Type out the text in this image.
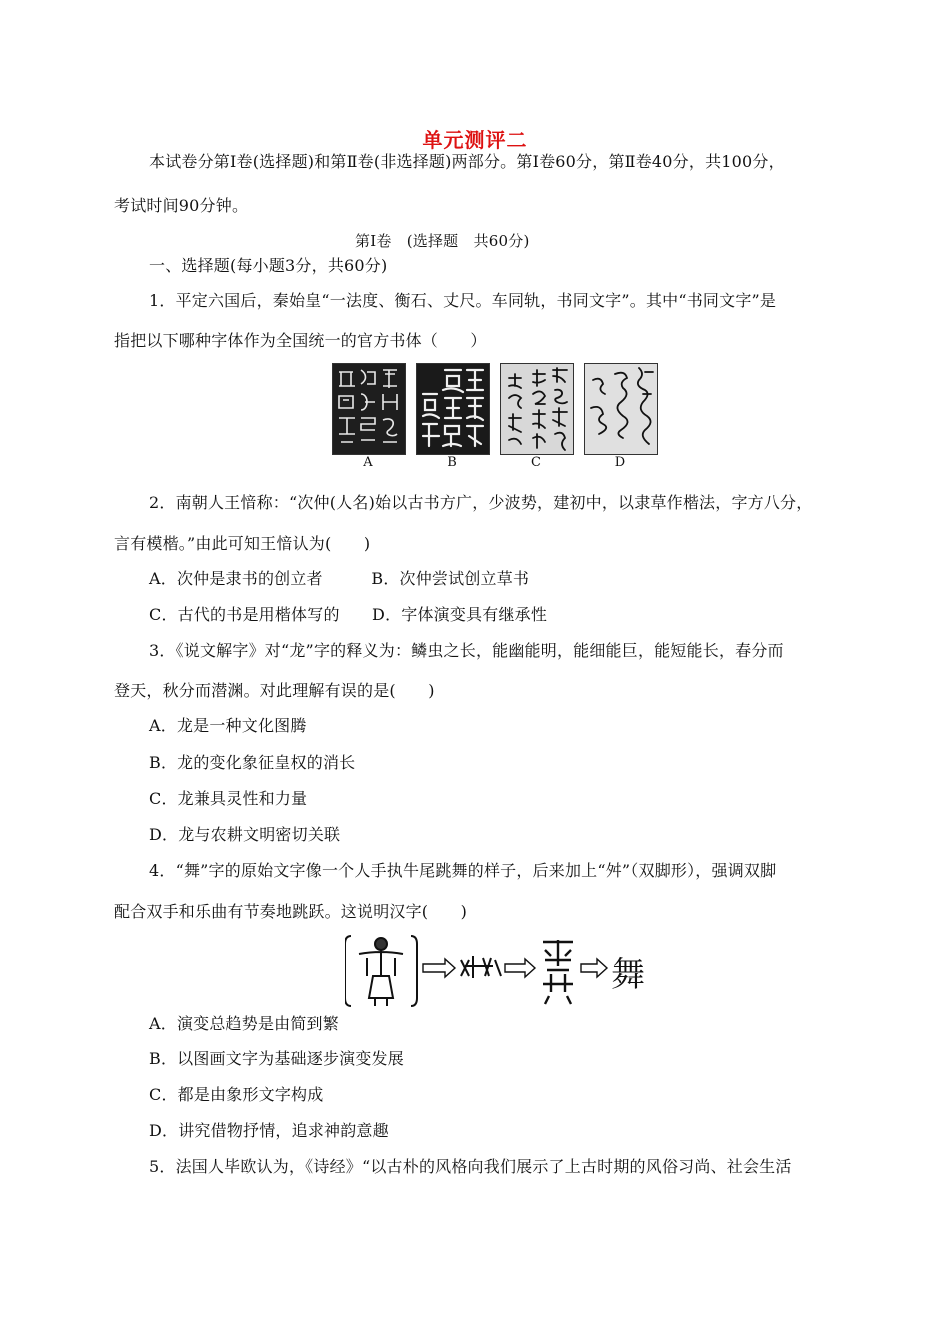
单元测评二
本试卷分第Ⅰ卷(选择题)和第Ⅱ卷(非选择题)两部分。第Ⅰ卷60分，第Ⅱ卷40分，共100分，
考试时间90分钟。
第Ⅰ卷　(选择题　共60分)
一、选择题(每小题3分，共60分)
1．平定六国后，秦始皇“一法度、衡石、丈尺。车同轨，书同文字”。其中“书同文字”是
指把以下哪种字体作为全国统一的官方书体（　　）
A	B	C	D
2．南朝人王愔称：“次仲(人名)始以古书方广，少波势，建初中，以隶草作楷法，字方八分，
言有模楷。”由此可知王愔认为(　　)
A．次仲是隶书的创立者　　　B．次仲尝试创立草书
C．古代的书是用楷体写的　　D．字体演变具有继承性
3．《说文解字》对“龙”字的释义为：鳞虫之长，能幽能明，能细能巨，能短能长，春分而
登天，秋分而潜渊。对此理解有误的是(　　)
A．龙是一种文化图腾
B．龙的变化象征皇权的消长
C．龙兼具灵性和力量
D．龙与农耕文明密切关联
4．“舞”字的原始文字像一个人手执牛尾跳舞的样子，后来加上“舛”（双脚形），强调双脚
配合双手和乐曲有节奏地跳跃。这说明汉字(　　)
舞
A．演变总趋势是由简到繁
B．以图画文字为基础逐步演变发展
C．都是由象形文字构成
D．讲究借物抒情，追求神韵意趣
5．法国人毕欧认为，《诗经》“以古朴的风格向我们展示了上古时期的风俗习尚、社会生活
